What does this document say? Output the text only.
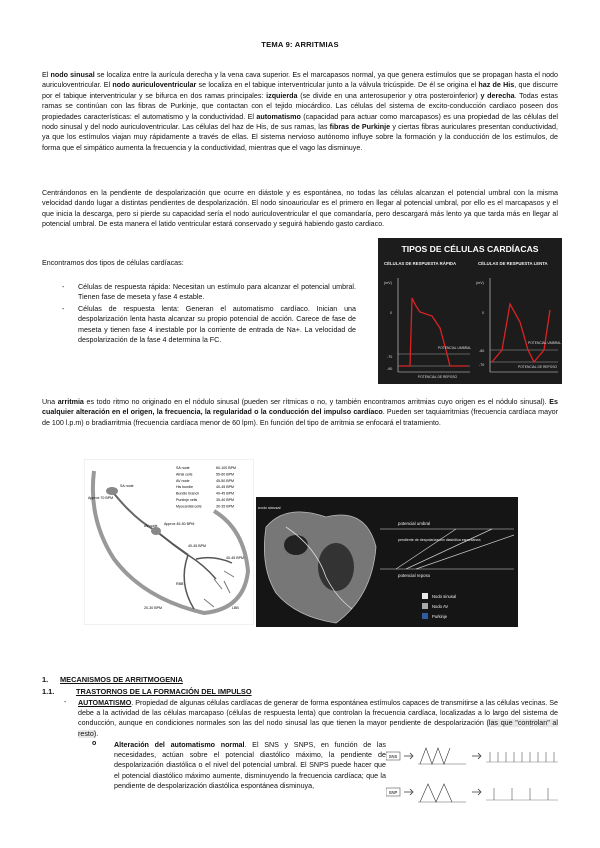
TEMA 9: ARRITMIAS

El nodo sinusal se localiza entre la aurícula derecha y la vena cava superior. Es el marcapasos normal, ya que genera estímulos que se propagan hasta el nodo auriculoventricular. El nodo auriculoventricular se localiza en el tabique interventricular junto a la válvula tricúspide. De él se origina el haz de His, que discurre por el tabique interventricular y se bifurca en dos ramas principales: izquierda (se divide en una anterosuperior y otra posteroinferior) y derecha. Todas estas ramas se continúan con las fibras de Purkinje, que contactan con el tejido miocárdico. Las células del sistema de excito-conducción cardiaco poseen dos propiedades características: el automatismo y la conductividad. El automatismo (capacidad para actuar como marcapasos) es una propiedad de las células del nodo sinusal y del nodo auriculoventricular. Las células del haz de His, de sus ramas, las fibras de Purkinje y ciertas fibras auriculares presentan conductividad, ya que los estímulos viajan muy rápidamente a través de ellas. El sistema nervioso autónomo influye sobre la formación y la conducción de los estímulos, de forma que el simpático aumenta la frecuencia y la conductividad, mientras que el vago las disminuye.

Centrándonos en la pendiente de despolarización que ocurre en diástole y es espontánea, no todas las células alcanzan el potencial umbral con la misma velocidad dando lugar a distintas pendientes de despolarización. El nodo sinoauricular es el primero en llegar al potencial umbral, por ello es el marcapasos y el que inicia la descarga, pero si pierde su capacidad sería el nodo auriculoventricular el que comandaría, pero descargará más lento ya que tarda más en llegar al potencial umbral. De esta manera el latido ventricular estará conservado y seguirá habiendo gasto cardiaco.

Encontramos dos tipos de células cardíacas:

- Células de respuesta rápida: Necesitan un estímulo para alcanzar el potencial umbral. Tienen fase de meseta y fase 4 estable.
- Células de respuesta lenta: Generan el automatismo cardíaco. Inician una despolarización lenta hasta alcanzar su propio potencial de acción. Carece de fase de meseta y tienen fase 4 inestable por la corriente de entrada de Na+. La velocidad de despolarización de la fase 4 determina la FC.
TIPOS DE CÉLULAS CARDÍACAS
CÉLULAS DE RESPUESTA RÁPIDA	CÉLULAS DE RESPUESTA LENTA
(mV)
0
-70
-90
POTENCIAL UMBRAL
POTENCIAL DE REPOSO
(mV)
0
-60
-70
POTENCIAL UMBRAL
POTENCIAL DE REPOSO

Una arritmia es todo ritmo no originado en el nódulo sinusal (pueden ser rítmicas o no, y también encontramos arritmias cuyo origen es el nódulo sinusal). Es cualquier alteración en el origen, la frecuencia, la regularidad o la conducción del impulso cardíaco. Pueden ser taquiarritmias (frecuencia cardíaca mayor de 100 l.p.m) o bradiarritmia (frecuencia cardíaca menor de 60 lpm). En función del tipo de arritmia se enfocará el tratamiento.

SA node	60-100 BPM
Atrial cells	55-60 BPM
AV node	45-50 BPM
His bundle	40-45 BPM
Bundle branch	40-45 BPM
Purkinje cells	35-40 BPM
Myocardial cells	30-35 BPM
Approx 70 BPM
SA node
AV node Approx 45-50 BPM
40-45 BPM
40-45 BPM
RBB
LBB
20-30 BPM
nodo sinusal
potencial umbral
pendiente de despolarización diastólica espontánea
potencial reposo
Nodo sinusal
Nodo AV
Purkinje
1. MECANISMOS DE ARRITMOGENIA
1.1.	TRASTORNOS DE LA FORMACIÓN DEL IMPULSO
- AUTOMATISMO. Propiedad de algunas células cardíacas de generar de forma espontánea estímulos capaces de transmitirse a las células vecinas. Se debe a la actividad de las células marcapaso (células de respuesta lenta) que controlan la frecuencia cardíaca, localizadas a lo largo del sistema de conducción, aunque en condiciones normales son las del nodo sinusal las que tienen la mayor pendiente de despolarización (las que "controlan" al resto).

o Alteración del automatismo normal. El SNS y SNPS, en función de las necesidades, actúan sobre el potencial diastólico máximo, la pendiente de despolarización diastólica o el nivel del potencial umbral. El SNPS puede hacer que el potencial diastólico máximo aumente, disminuyendo la frecuencia cardíaca; que la pendiente de despolarización diastólica espontánea disminuya,

SNS
SNP
